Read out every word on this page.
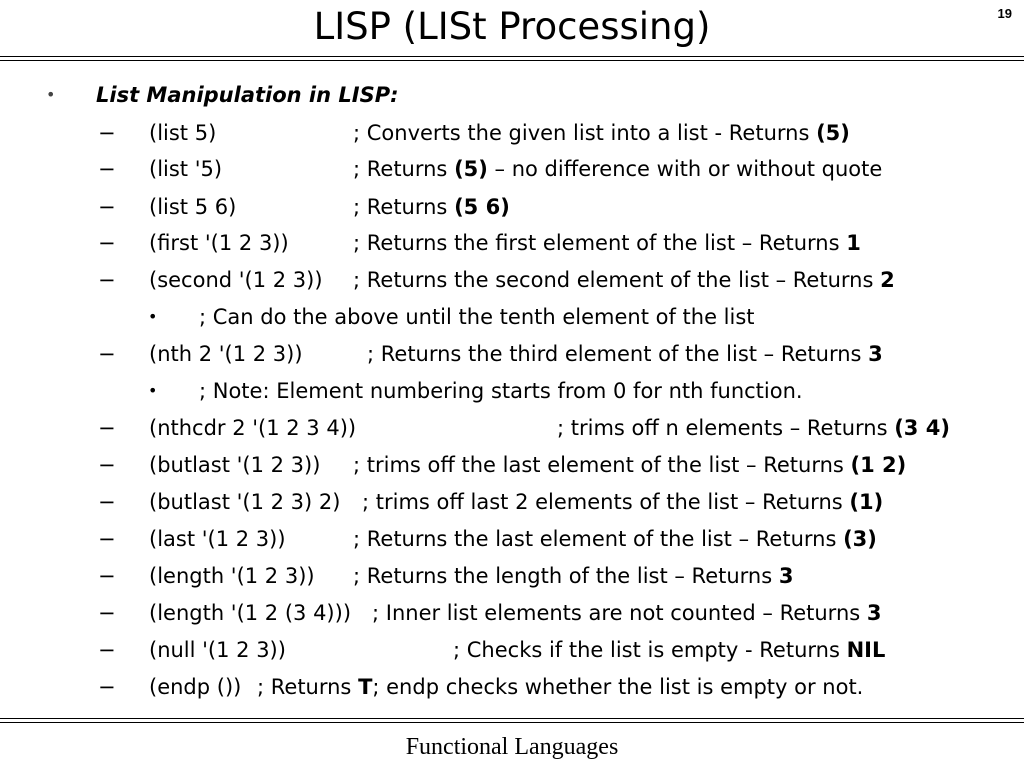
LISP (LISt Processing)	19
• List Manipulation in LISP:
− (list 5)	; Converts the given list into a list - Returns (5)
− (list '5)	; Returns (5) – no difference with or without quote
− (list 5 6)	; Returns (5 6)
− (first '(1 2 3))	; Returns the first element of the list – Returns 1
− (second '(1 2 3)) ; Returns the second element of the list – Returns 2
• ; Can do the above until the tenth element of the list
− (nth 2 '(1 2 3))	; Returns the third element of the list – Returns 3
• ; Note: Element numbering starts from 0 for nth function.
− (nthcdr 2 '(1 2 3 4))	; trims off n elements – Returns (3 4)
− (butlast '(1 2 3)) ; trims off the last element of the list – Returns (1 2)
− (butlast '(1 2 3) 2) ; trims off last 2 elements of the list – Returns (1)
− (last '(1 2 3))	; Returns the last element of the list – Returns (3)
− (length '(1 2 3)) ; Returns the length of the list – Returns 3
− (length '(1 2 (3 4))) ; Inner list elements are not counted – Returns 3
− (null '(1 2 3))	; Checks if the list is empty - Returns NIL
− (endp ()) ; Returns T; endp checks whether the list is empty or not.
Functional Languages
